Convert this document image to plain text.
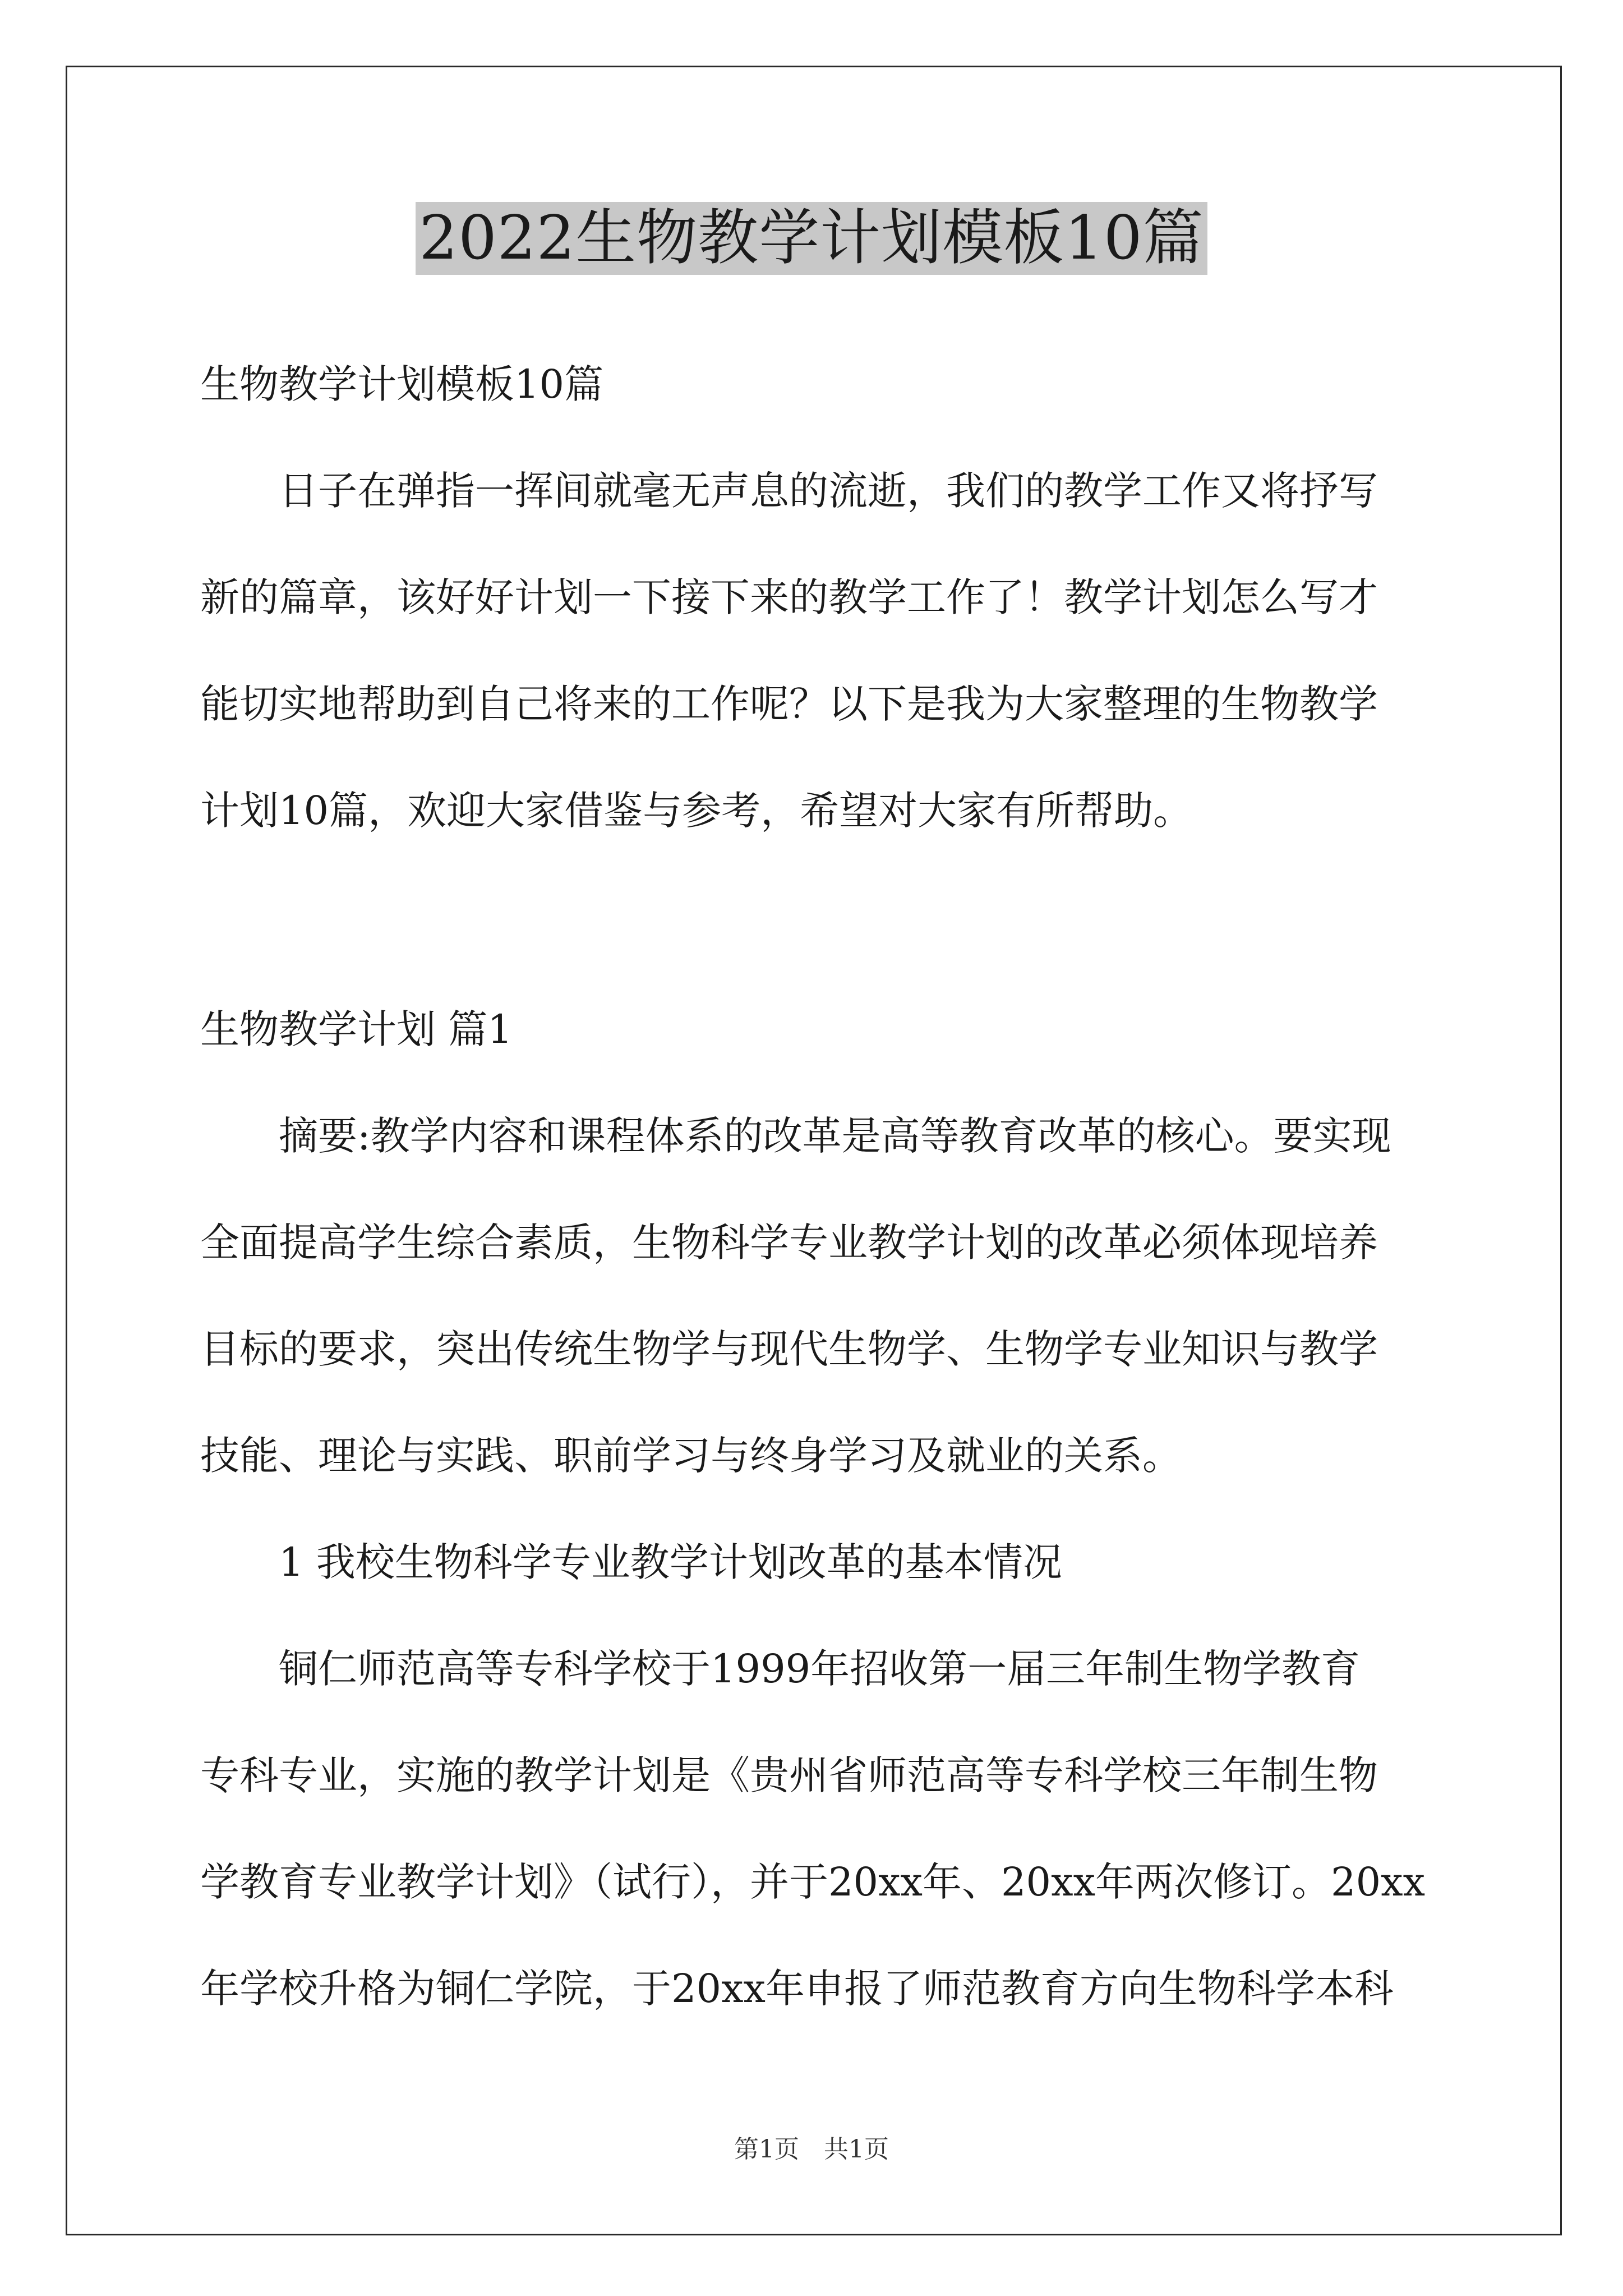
2022生物教学计划模板10篇
生物教学计划模板10篇
日子在弹指一挥间就毫无声息的流逝，我们的教学工作又将抒写
新的篇章，该好好计划一下接下来的教学工作了！教学计划怎么写才
能切实地帮助到自己将来的工作呢？以下是我为大家整理的生物教学
计划10篇，欢迎大家借鉴与参考，希望对大家有所帮助。
生物教学计划 篇1
摘要:教学内容和课程体系的改革是高等教育改革的核心。要实现
全面提高学生综合素质，生物科学专业教学计划的改革必须体现培养
目标的要求，突出传统生物学与现代生物学、生物学专业知识与教学
技能、理论与实践、职前学习与终身学习及就业的关系。
1 我校生物科学专业教学计划改革的基本情况
铜仁师范高等专科学校于1999年招收第一届三年制生物学教育
专科专业，实施的教学计划是《贵州省师范高等专科学校三年制生物
学教育专业教学计划》（试行），并于20xx年、20xx年两次修订。20xx
年学校升格为铜仁学院，于20xx年申报了师范教育方向生物科学本科
第1页　共1页
